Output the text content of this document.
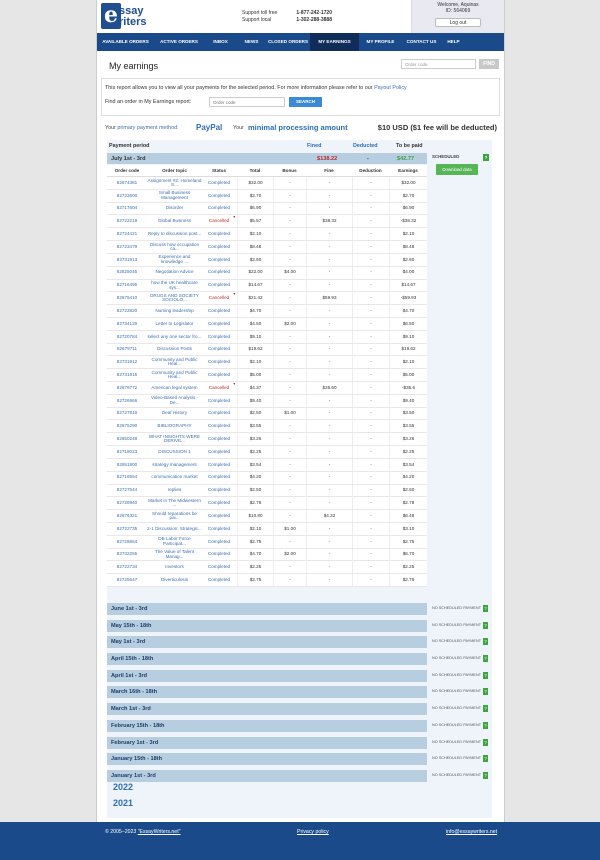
e ssay
riters
Support toll free	1-877-242-1720
Support local	1-302-288-3888
Welcome, Aquinas
ID: 564069
Log out
AVAILABLE ORDERS	ACTIVE ORDERS	INBOX	NEWS	CLOSED ORDERS	MY EARNINGS	MY PROFILE	CONTACT US	HELP
My earnings	Order code	FIND
This report allows you to view all your payments for the selected period. For more information please refer to our Payout Policy
Find an order in My Earnings report:
Order code	SEARCH
Your primary payment method: PayPal Your minimal processing amount	$10 USD ($1 fee will be deducted)
Payment period	Fined	Deducted	To be paid
July 1st - 3rd	$138.22	-	$42.77	SCHEDULED	?
Download data
Order code	Order topic	Status	Total	Bonus	Fine	Deduction	Earnings
82674381	Assignment #2: Homeland S...	Completed	$32.00	-	-	-	$32.00
82722600	Small Business Management	Completed	$2.70	-	-	-	$2.70
82717604	Disorder	Completed	$6.90	-	-	-	$6.90
82722219	Global Business	Cancelled	$5.57	-	$38.32	-	-$38.32
82724421	Reply to discussion post...	Completed	$2.10	-	-	-	$2.10
82723479	Discuss how occupation ca...	Completed	$8.48	-	-	-	$8.48
82731913	Experience and knowledge ...	Completed	$2.60	-	-	-	$2.60
82625045	Negotiation Advice	Completed	$22.00	$4.00	-	-	$4.00
82716495	how the UK healthcare sys...	Completed	$14.67	-	-	-	$14.67
82675410	DRUGS AND SOCIETY SOCIOLO...	Cancelled	$21.42	-	$59.93	-	-$59.93
82722820	Nursing leadership	Completed	$4.70	-	-	-	$4.70
82734129	Letter to Legislator	Completed	$4.50	$2.00	-	-	$6.50
82720784	select any one sector fro...	Completed	$9.10	-	-	-	$9.10
82679711	Discussion Posts	Completed	$19.62	-	-	-	$19.62
82731912	Community and Public Heal...	Completed	$2.10	-	-	-	$2.10
82731915	Community and Public Heal...	Completed	$5.00	-	-	-	$5.00
82676772	American legal system	Cancelled	$4.37	-	$35.60	-	-$35.6
82726966	Video-Based Analysis - De...	Completed	$9.40	-	-	-	$9.40
82727816	Deaf History	Completed	$2.50	$1.00	-	-	$3.50
82675290	BIBLIOGRAPHY	Completed	$3.55	-	-	-	$3.55
82650248	WHAT INSIGHTS WERE DERIVE...	Completed	$3.26	-	-	-	$3.26
82718023	DISCUSSION 1	Completed	$2.25	-	-	-	$2.25
82651800	strategy management	Completed	$3.54	-	-	-	$3.54
82716554	communication market	Completed	$4.20	-	-	-	$4.20
82727544	replies	Completed	$2.50	-	-	-	$2.50
82728940	Market in The Midwestern ...	Completed	$2.78	-	-	-	$2.78
82676321	Should reparations be pai...	Completed	$10.80	-	$4.32	-	$6.48
82722735	2-1 Discussion: Strategic...	Completed	$2.10	$1.00	-	-	$3.10
82726864	DB Labor Force Participat...	Completed	$2.75	-	-	-	$2.75
82732255	The Value of Talent Manag...	Completed	$4.70	$2.00	-	-	$6.70
82722734	Investors	Completed	$2.25	-	-	-	$2.25
82725647	Diverticulosis	Completed	$2.75	-	-	-	$2.75
June 1st - 3rd	NO SCHEDULED PAYMENT ?
May 15th - 18th	NO SCHEDULED PAYMENT ?
May 1st - 3rd	NO SCHEDULED PAYMENT ?
April 15th - 18th	NO SCHEDULED PAYMENT ?
April 1st - 3rd	NO SCHEDULED PAYMENT ?
March 16th - 18th	NO SCHEDULED PAYMENT ?
March 1st - 3rd	NO SCHEDULED PAYMENT ?
February 15th - 18th	NO SCHEDULED PAYMENT ?
February 1st - 3rd	NO SCHEDULED PAYMENT ?
January 15th - 18th	NO SCHEDULED PAYMENT ?
January 1st - 3rd	NO SCHEDULED PAYMENT ?
2022
2021
© 2005–2023 "EssayWriters.net"	Privacy policy	info@essaywriters.net
